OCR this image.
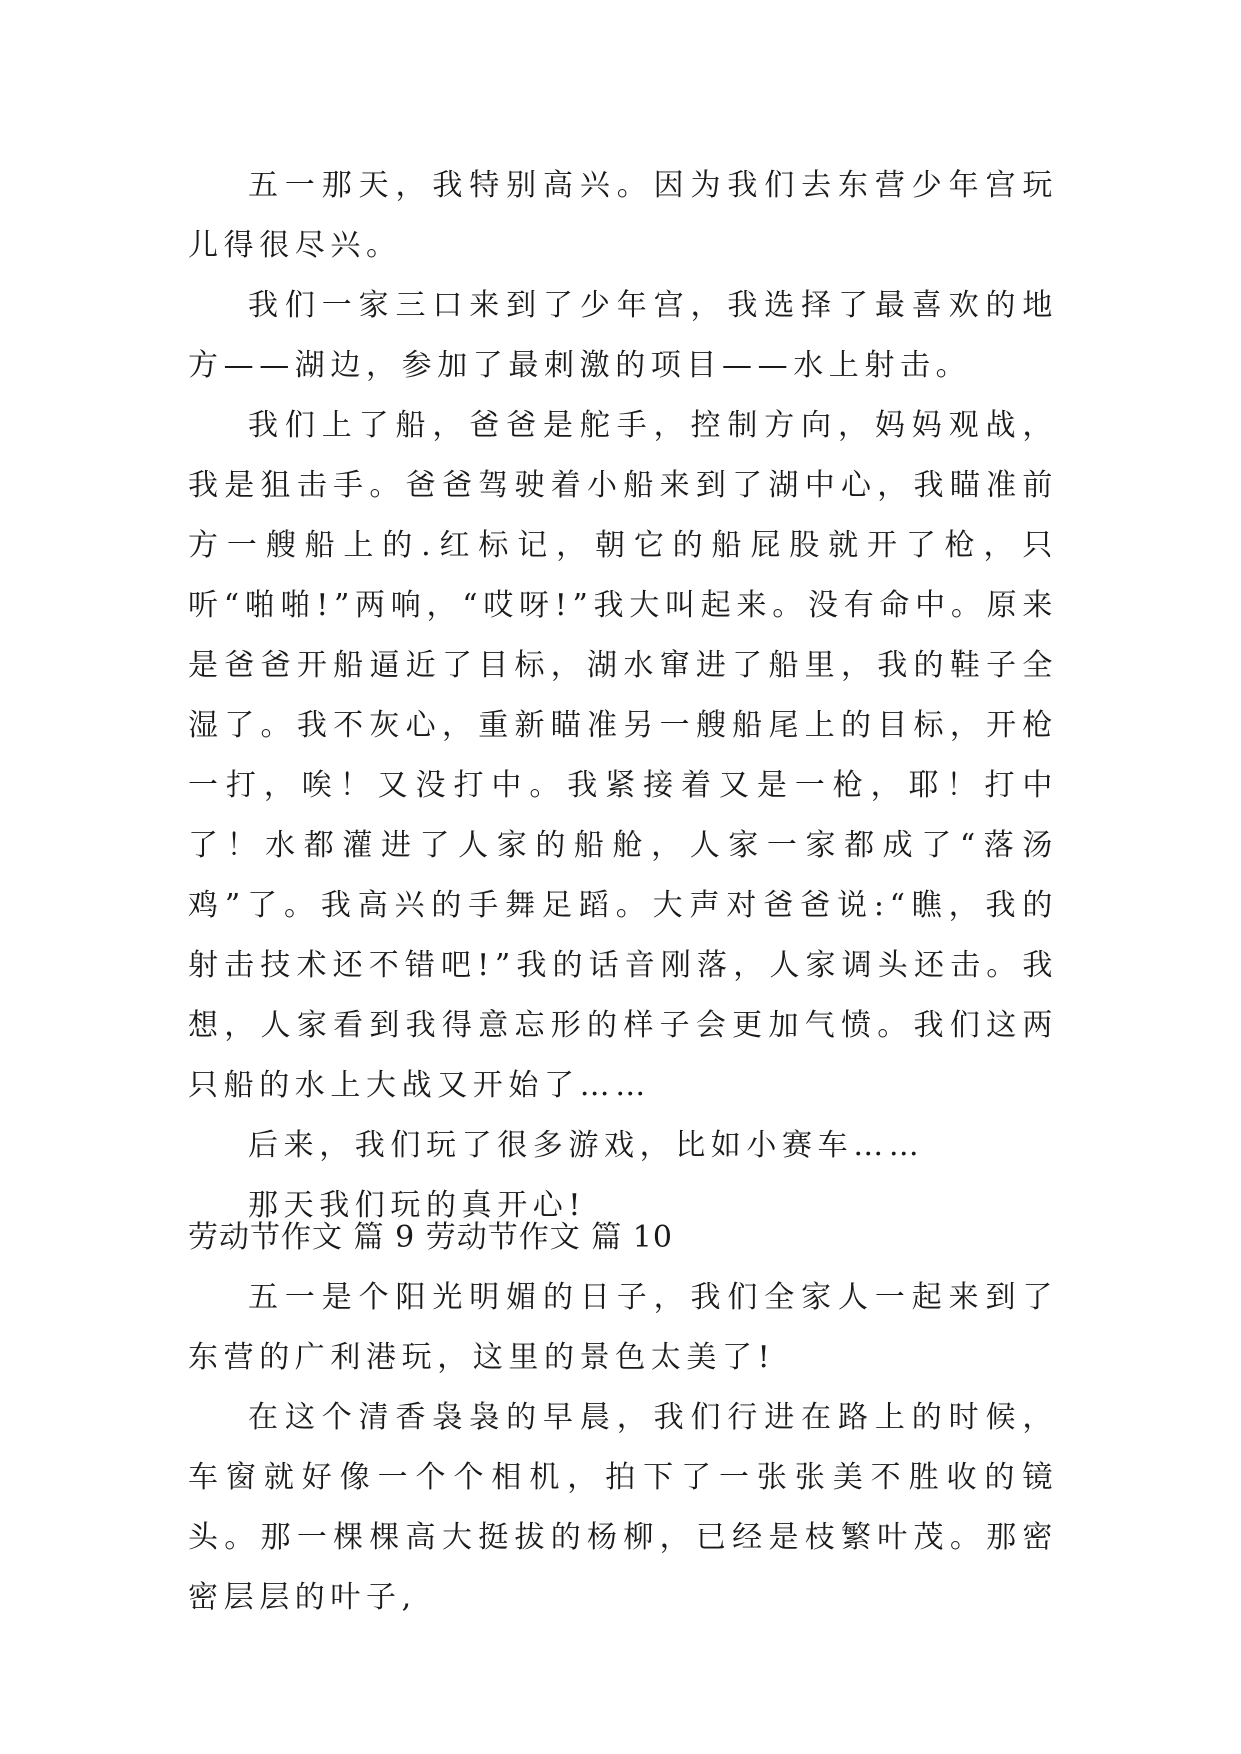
五一那天，我特别高兴。因为我们去东营少年宫玩儿得很尽兴。

我们一家三口来到了少年宫，我选择了最喜欢的地方——湖边，参加了最刺激的项目——水上射击。

我们上了船，爸爸是舵手，控制方向，妈妈观战，我是狙击手。爸爸驾驶着小船来到了湖中心，我瞄准前方一艘船上的.红标记，朝它的船屁股就开了枪，只听“啪啪!”两响，“哎呀!”我大叫起来。没有命中。原来是爸爸开船逼近了目标，湖水窜进了船里，我的鞋子全湿了。我不灰心，重新瞄准另一艘船尾上的目标，开枪一打，唉！又没打中。我紧接着又是一枪，耶！打中了！水都灌进了人家的船舱，人家一家都成了“落汤鸡”了。我高兴的手舞足蹈。大声对爸爸说:“瞧，我的射击技术还不错吧!”我的话音刚落，人家调头还击。我想，人家看到我得意忘形的样子会更加气愤。我们这两只船的水上大战又开始了……

后来，我们玩了很多游戏，比如小赛车……

那天我们玩的真开心!

劳动节作文 篇 9 劳动节作文 篇 10

五一是个阳光明媚的日子，我们全家人一起来到了东营的广利港玩，这里的景色太美了!

在这个清香袅袅的早晨，我们行进在路上的时候，车窗就好像一个个相机，拍下了一张张美不胜收的镜头。那一棵棵高大挺拔的杨柳，已经是枝繁叶茂。那密密层层的叶子,
